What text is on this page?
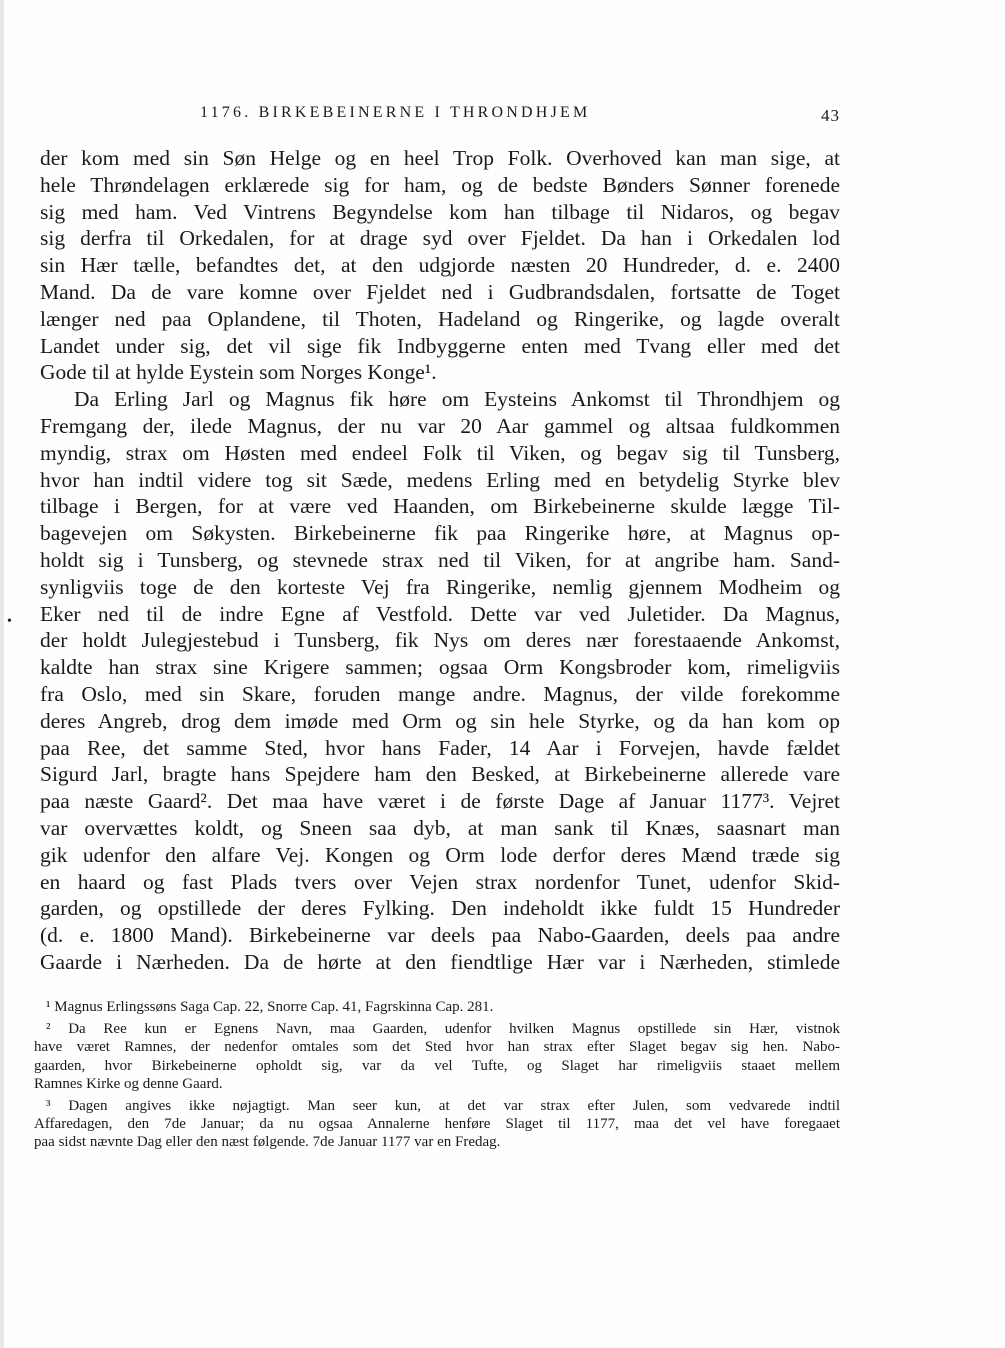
1176. BIRKEBEINERNE I THRONDHJEM	43
•
der kom med sin Søn Helge og en heel Trop Folk. Overhoved kan man sige, at
hele Thrøndelagen erklærede sig for ham, og de bedste Bønders Sønner forenede
sig med ham. Ved Vintrens Begyndelse kom han tilbage til Nidaros, og begav
sig derfra til Orkedalen, for at drage syd over Fjeldet. Da han i Orkedalen lod
sin Hær tælle, befandtes det, at den udgjorde næsten 20 Hundreder, d. e. 2400
Mand. Da de vare komne over Fjeldet ned i Gudbrandsdalen, fortsatte de Toget
længer ned paa Oplandene, til Thoten, Hadeland og Ringerike, og lagde overalt
Landet under sig, det vil sige fik Indbyggerne enten med Tvang eller med det
Gode til at hylde Eystein som Norges Konge¹.
Da Erling Jarl og Magnus fik høre om Eysteins Ankomst til Throndhjem og
Fremgang der, ilede Magnus, der nu var 20 Aar gammel og altsaa fuldkommen
myndig, strax om Høsten med endeel Folk til Viken, og begav sig til Tunsberg,
hvor han indtil videre tog sit Sæde, medens Erling med en betydelig Styrke blev
tilbage i Bergen, for at være ved Haanden, om Birkebeinerne skulde lægge Til-
bagevejen om Søkysten. Birkebeinerne fik paa Ringerike høre, at Magnus op-
holdt sig i Tunsberg, og stevnede strax ned til Viken, for at angribe ham. Sand-
synligviis toge de den korteste Vej fra Ringerike, nemlig gjennem Modheim og
Eker ned til de indre Egne af Vestfold. Dette var ved Juletider. Da Magnus,
der holdt Julegjestebud i Tunsberg, fik Nys om deres nær forestaaende Ankomst,
kaldte han strax sine Krigere sammen; ogsaa Orm Kongsbroder kom, rimeligviis
fra Oslo, med sin Skare, foruden mange andre. Magnus, der vilde forekomme
deres Angreb, drog dem imøde med Orm og sin hele Styrke, og da han kom op
paa Ree, det samme Sted, hvor hans Fader, 14 Aar i Forvejen, havde fældet
Sigurd Jarl, bragte hans Spejdere ham den Besked, at Birkebeinerne allerede vare
paa næste Gaard². Det maa have været i de første Dage af Januar 1177³. Vejret
var overvættes koldt, og Sneen saa dyb, at man sank til Knæs, saasnart man
gik udenfor den alfare Vej. Kongen og Orm lode derfor deres Mænd træde sig
en haard og fast Plads tvers over Vejen strax nordenfor Tunet, udenfor Skid-
garden, og opstillede der deres Fylking. Den indeholdt ikke fuldt 15 Hundreder
(d. e. 1800 Mand). Birkebeinerne var deels paa Nabo-Gaarden, deels paa andre
Gaarde i Nærheden. Da de hørte at den fiendtlige Hær var i Nærheden, stimlede
¹ Magnus Erlingssøns Saga Cap. 22, Snorre Cap. 41, Fagrskinna Cap. 281.
² Da Ree kun er Egnens Navn, maa Gaarden, udenfor hvilken Magnus opstillede sin Hær, vistnok
have været Ramnes, der nedenfor omtales som det Sted hvor han strax efter Slaget begav sig hen. Nabo-
gaarden, hvor Birkebeinerne opholdt sig, var da vel Tufte, og Slaget har rimeligviis staaet mellem
Ramnes Kirke og denne Gaard.
³ Dagen angives ikke nøjagtigt. Man seer kun, at det var strax efter Julen, som vedvarede indtil
Affaredagen, den 7de Januar; da nu ogsaa Annalerne henføre Slaget til 1177, maa det vel have foregaaet
paa sidst nævnte Dag eller den næst følgende. 7de Januar 1177 var en Fredag.
